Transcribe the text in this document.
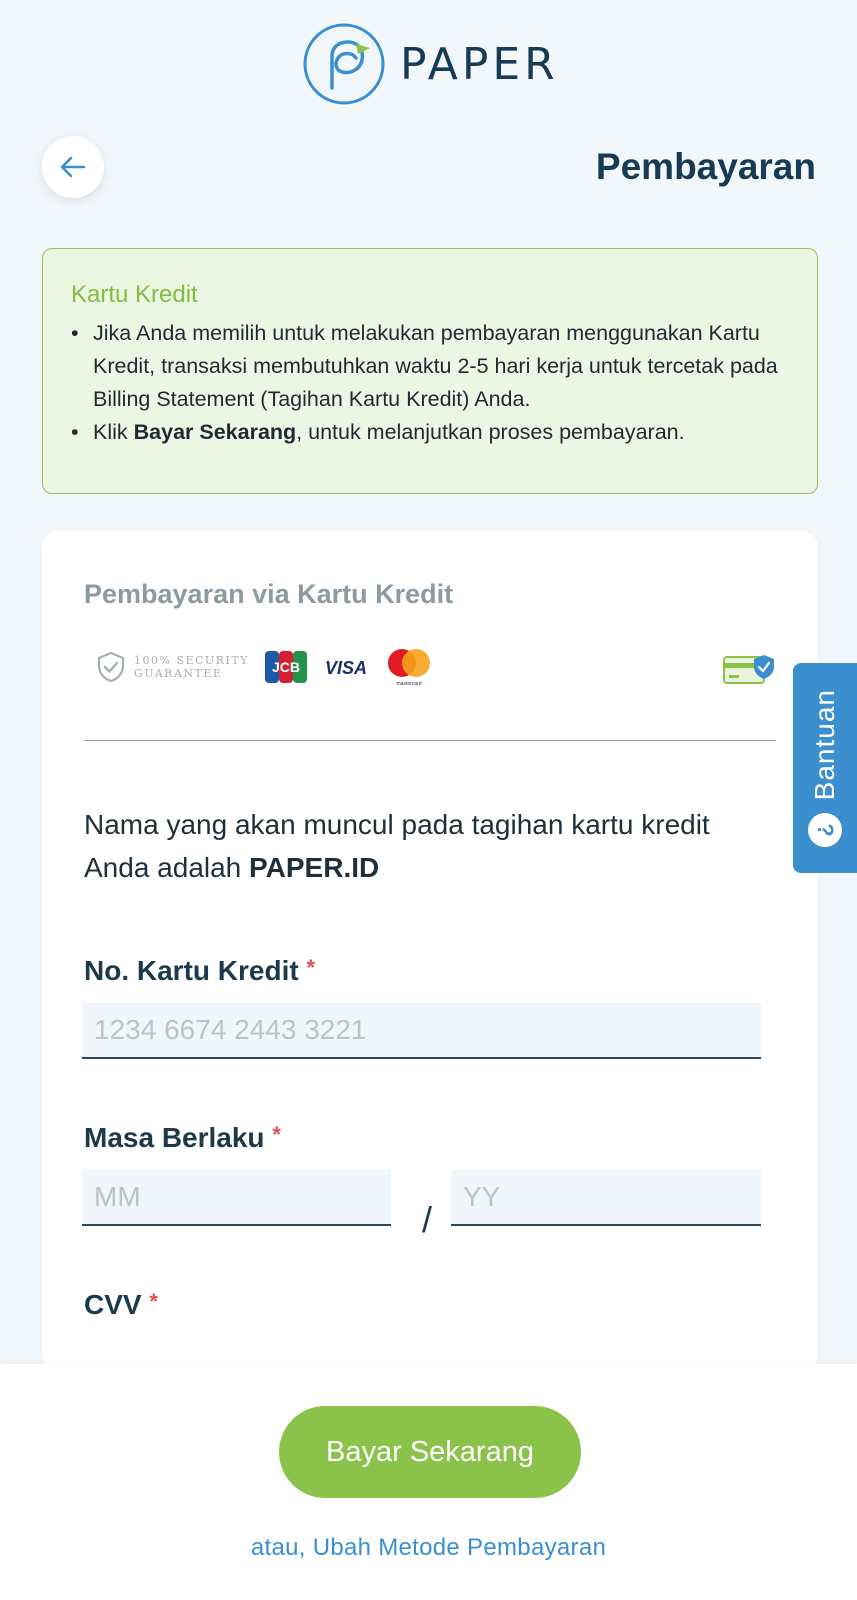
PAPER
Pembayaran
Kartu Kredit
• Jika Anda memilih untuk melakukan pembayaran menggunakan Kartu Kredit, transaksi membutuhkan waktu 2-5 hari kerja untuk tercetak pada Billing Statement (Tagihan Kartu Kredit) Anda.
• Klik Bayar Sekarang, untuk melanjutkan proses pembayaran.
Pembayaran via Kartu Kredit
100% SECURITY
GUARANTEE	JCB VISA
mastercard
Nama yang akan muncul pada tagihan kartu kredit Anda adalah PAPER.ID
No. Kartu Kredit *
1234 6674 2443 3221
Masa Berlaku *
MM
/
YY
CVV *
Bantuan
?
Bayar Sekarang
atau, Ubah Metode Pembayaran
